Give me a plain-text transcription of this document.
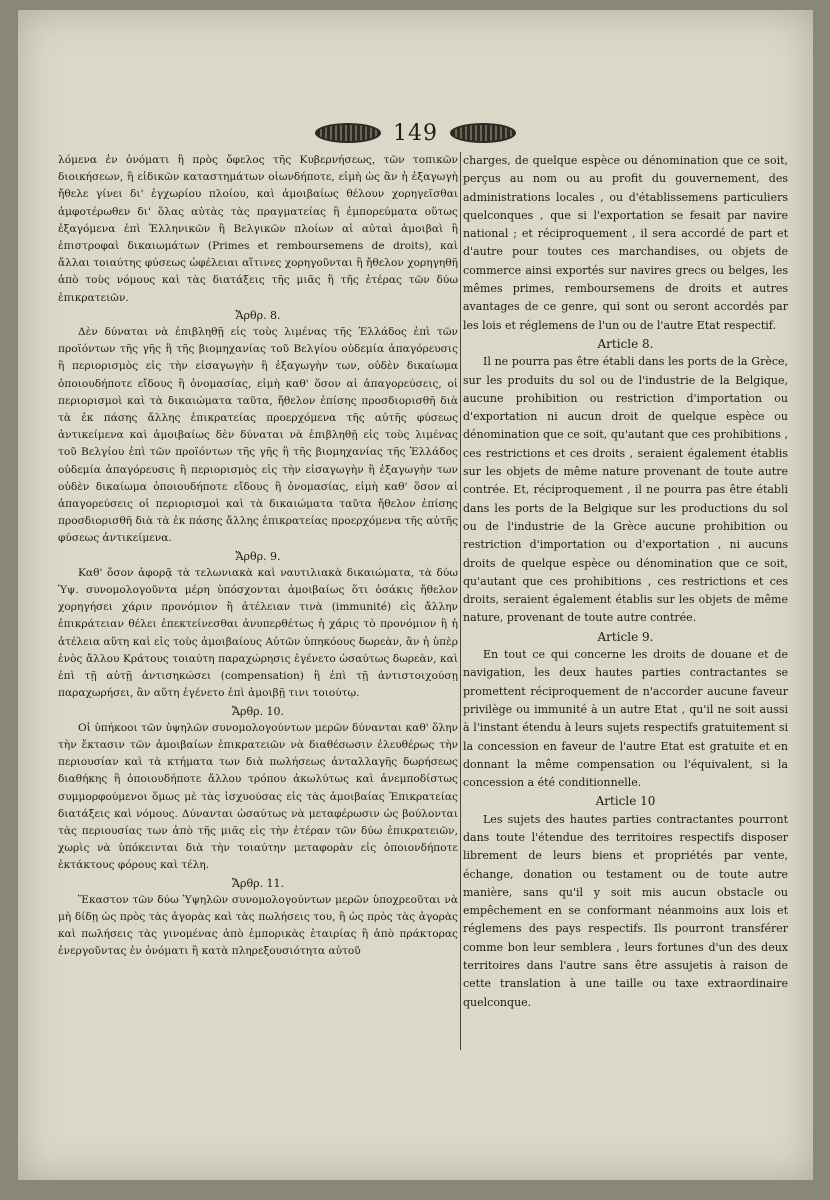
149

λόμενα ἐν ὀνόματι ἢ πρὸς ὄφελος τῆς Κυβερνήσεως, τῶν τοπικῶν διοικήσεων, ἢ εἰδικῶν καταστημάτων οἱωνδήποτε, εἰμὴ ὡς ἂν ἡ ἐξαγωγὴ ἤθελε γίνει δι' ἐγχωρίου πλοίου, καὶ ἀμοιβαίως θέλουν χορηγεῖσθαι ἀμφοτέρωθεν δι' ὅλας αὐτὰς τὰς πραγματείας ἢ ἐμπορεύματα οὕτως ἐξαγόμενα ἐπὶ Ἑλληνικῶν ἢ Βελγικῶν πλοίων αἱ αὐταὶ ἀμοιβαὶ ἢ ἐπιστροφαὶ δικαιωμάτων (Primes et remboursemens de droits), καὶ ἄλλαι τοιαύτης φύσεως ὠφέλειαι αἵτινες χορηγοῦνται ἢ ἤθελον χορηγηθῆ ἀπὸ τοὺς νόμους καὶ τὰς διατάξεις τῆς μιᾶς ἢ τῆς ἑτέρας τῶν δύω ἐπικρατειῶν.

Ἄρθρ. 8.

Δὲν δύναται νὰ ἐπιβληθῇ εἰς τοὺς λιμένας τῆς Ἑλλάδος ἐπὶ τῶν προϊόντων τῆς γῆς ἢ τῆς βιομηχανίας τοῦ Βελγίου οὐδεμία ἀπαγόρευσις ἢ περιορισμὸς εἰς τὴν εἰσαγωγὴν ἢ ἐξαγωγὴν των, οὐδὲν δικαίωμα ὁποιουδήποτε εἴδους ἢ ὀνομασίας, εἰμὴ καθ' ὅσον αἱ ἀπαγορεύσεις, οἱ περιορισμοὶ καὶ τὰ δικαιώματα ταῦτα, ἤθελον ἐπίσης προσδιορισθῆ διὰ τὰ ἐκ πάσης ἄλλης ἐπικρατείας προερχόμενα τῆς αὐτῆς φύσεως ἀντικείμενα καὶ ἀμοιβαίως δὲν δύναται νὰ ἐπιβληθῇ εἰς τοὺς λιμένας τοῦ Βελγίου ἐπὶ τῶν προϊόντων τῆς γῆς ἢ τῆς βιομηχανίας τῆς Ἑλλάδος οὐδεμία ἀπαγόρευσις ἢ περιορισμὸς εἰς τὴν εἰσαγωγὴν ἢ ἐξαγωγὴν των οὐδὲν δικαίωμα ὁποιουδήποτε εἴδους ἢ ὀνομασίας, εἰμὴ καθ' ὅσον αἱ ἀπαγορεύσεις οἱ περιορισμοὶ καὶ τὰ δικαιώματα ταῦτα ἤθελον ἐπίσης προσδιορισθῆ διὰ τὰ ἐκ πάσης ἄλλης ἐπικρατείας προερχόμενα τῆς αὐτῆς φύσεως ἀντικείμενα.

Ἄρθρ. 9.

Καθ' ὅσον ἀφορᾷ τὰ τελωνιακὰ καὶ ναυτιλιακὰ δικαιώματα, τὰ δύω Ὑψ. συνομολογοῦντα μέρη ὑπόσχονται ἀμοιβαίως ὅτι ὁσάκις ἤθελον χορηγήσει χάριν προνόμιον ἢ ἀτέλειαν τινὰ (immunité) εἰς ἄλλην ἐπικράτειαν θέλει ἐπεκτείνεσθαι ἀνυπερθέτως ἡ χάρις τὸ προνόμιον ἢ ἡ ἀτέλεια αὕτη καὶ εἰς τοὺς ἀμοιβαίους Αὐτῶν ὑπηκόους δωρεὰν, ἂν ἡ ὑπὲρ ἑνὸς ἄλλου Κράτους τοιαύτη παραχώρησις ἐγένετο ὡσαύτως δωρεὰν, καὶ ἐπὶ τῇ αὐτῇ ἀντισηκώσει (compensation) ἢ ἐπὶ τῇ ἀντιστοιχούσῃ παραχωρήσει, ἂν αὕτη ἐγένετο ἐπὶ ἀμοιβῇ τινι τοιούτῳ.

Ἄρθρ. 10.

Οἱ ὑπήκοοι τῶν ὑψηλῶν συνομολογούντων μερῶν δύνανται καθ' ὅλην τὴν ἔκτασιν τῶν ἀμοιβαίων ἐπικρατειῶν νὰ διαθέσωσιν ἐλευθέρως τὴν περιουσίαν καὶ τὰ κτήματα των διὰ πωλήσεως ἀνταλλαγῆς δωρήσεως διαθήκης ἢ ὁποιουδήποτε ἄλλου τρόπου ἀκωλύτως καὶ ἀνεμποδίστως συμμορφούμενοι ὅμως μὲ τὰς ἰσχυούσας εἰς τὰς ἀμοιβαίας Ἐπικρατείας διατάξεις καὶ νόμους. Δύνανται ὡσαύτως νὰ μεταφέρωσιν ὡς βούλονται τὰς περιουσίας των ἀπὸ τῆς μιᾶς εἰς τὴν ἑτέραν τῶν δύω ἐπικρατειῶν, χωρὶς νὰ ὑπόκεινται διὰ τὴν τοιαύτην μεταφορὰν εἰς ὁποιονδήποτε ἐκτάκτους φόρους καὶ τέλη.

Ἄρθρ. 11.

Ἕκαστον τῶν δύω Ὑψηλῶν συνομολογούντων μερῶν ὑποχρεοῦται νὰ μὴ δίδῃ ὡς πρὸς τὰς ἀγορὰς καὶ τὰς πωλήσεις του, ἢ ὡς πρὸς τὰς ἀγορὰς καὶ πωλήσεις τὰς γινομένας ἀπὸ ἐμπορικὰς ἑταιρίας ἢ ἀπὸ πράκτορας ἐνεργοῦντας ἐν ὀνόματι ἢ κατὰ πληρεξουσιότητα αὐτοῦ

charges, de quelque espèce ou dénomination que ce soit, perçus au nom ou au profit du gouvernement, des administrations locales , ou d'établissemens particuliers quelconques , que si l'exportation se fesait par navire national ; et réciproquement , il sera accordé de part et d'autre pour toutes ces marchandises, ou objets de commerce ainsi exportés sur navires grecs ou belges, les mêmes primes, remboursemens de droits et autres avantages de ce genre, qui sont ou seront accordés par les lois et réglemens de l'un ou de l'autre Etat respectif.

Article 8.

Il ne pourra pas être établi dans les ports de la Grèce, sur les produits du sol ou de l'industrie de la Belgique, aucune prohibition ou restriction d'importation ou d'exportation ni aucun droit de quelque espèce ou dénomination que ce soit, qu'autant que ces prohibitions , ces restrictions et ces droits , seraient également établis sur les objets de même nature provenant de toute autre contrée. Et, réciproquement , il ne pourra pas être établi dans les ports de la Belgique sur les productions du sol ou de l'industrie de la Grèce aucune prohibition ou restriction d'importation ou d'exportation , ni aucuns droits de quelque espèce ou dénomination que ce soit, qu'autant que ces prohibitions , ces restrictions et ces droits, seraient également établis sur les objets de même nature, provenant de toute autre contrée.

Article 9.

En tout ce qui concerne les droits de douane et de navigation, les deux hautes parties contractantes se promettent réciproquement de n'accorder aucune faveur privilège ou immunité à un autre Etat , qu'il ne soit aussi à l'instant étendu à leurs sujets respectifs gratuitement si la concession en faveur de l'autre Etat est gratuite et en donnant la même compensation ou l'équivalent, si la concession a été conditionnelle.

Article 10

Les sujets des hautes parties contractantes pourront dans toute l'étendue des territoires respectifs disposer librement de leurs biens et propriétés par vente, échange, donation ou testament ou de toute autre manière, sans qu'il y soit mis aucun obstacle ou empêchement en se conformant néanmoins aux lois et réglemens des pays respectifs. Ils pourront transférer comme bon leur semblera , leurs fortunes d'un des deux territoires dans l'autre sans être assujetis à raison de cette translation à une taille ou taxe extraordinaire quelconque.
